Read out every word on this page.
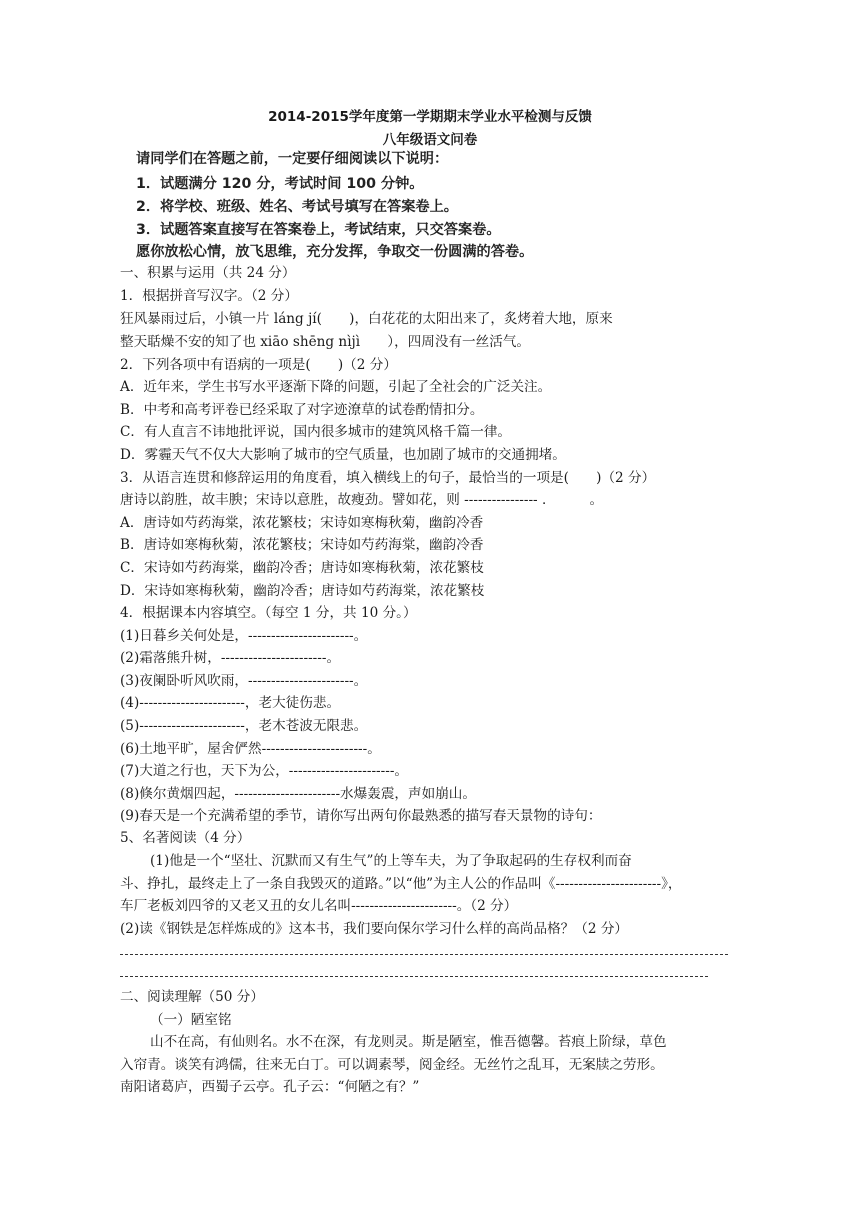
2014-2015学年度第一学期期末学业水平检测与反馈
八年级语文问卷
请同学们在答题之前，一定要仔细阅读以下说明：
1．试题满分 120 分，考试时间 100 分钟。
2．将学校、班级、姓名、考试号填写在答案卷上。
3．试题答案直接写在答案卷上，考试结束，只交答案卷。
愿你放松心情，放飞思维，充分发挥，争取交一份圆满的答卷。
一、积累与运用（共 24 分）
1．根据拼音写汉字。（2 分）
狂风暴雨过后，小镇一片 láng jí(　　)，白花花的太阳出来了，炙烤着大地，原来
整天聒燥不安的知了也 xiāo shēng nìjì　　），四周没有一丝活气。
2．下列各项中有语病的一项是(　　)（2 分）
A．近年来，学生书写水平逐渐下降的问题，引起了全社会的广泛关注。
B．中考和高考评卷已经采取了对字迹潦草的试卷酌情扣分。
C．有人直言不讳地批评说，国内很多城市的建筑风格千篇一律。
D．雾霾天气不仅大大影响了城市的空气质量，也加剧了城市的交通拥堵。
3．从语言连贯和修辞运用的角度看，填入横线上的句子，最恰当的一项是(　　)（2 分）
唐诗以韵胜，故丰腴；宋诗以意胜，故瘦劲。譬如花，则 ---------------- ．　　　。
A．唐诗如芍药海棠，浓花繁枝；宋诗如寒梅秋菊，幽韵冷香
B．唐诗如寒梅秋菊，浓花繁枝；宋诗如芍药海棠，幽韵冷香
C．宋诗如芍药海棠，幽韵冷香；唐诗如寒梅秋菊，浓花繁枝
D．宋诗如寒梅秋菊，幽韵冷香；唐诗如芍药海棠，浓花繁枝
4．根据课本内容填空。（每空 1 分，共 10 分。）
(1)日暮乡关何处是，-----------------------。
(2)霜落熊升树，-----------------------。
(3)夜阑卧听风吹雨，-----------------------。
(4)-----------------------，老大徒伤悲。
(5)-----------------------，老木苍波无限悲。
(6)土地平旷，屋舍俨然-----------------------。
(7)大道之行也，天下为公，-----------------------。
(8)倏尔黄烟四起，-----------------------水爆轰震，声如崩山。
(9)春天是一个充满希望的季节，请你写出两句你最熟悉的描写春天景物的诗句：
5、名著阅读（4 分）
(1)他是一个“坚壮、沉默而又有生气”的上等车夫，为了争取起码的生存权利而奋
斗、挣扎，最终走上了一条自我毁灭的道路。”以“他”为主人公的作品叫《-----------------------》，
车厂老板刘四爷的又老又丑的女儿名叫-----------------------。（2 分）
(2)读《钢铁是怎样炼成的》这本书，我们要向保尔学习什么样的高尚品格？（2 分）
二、阅读理解（50 分）
（一）陋室铭
山不在高，有仙则名。水不在深，有龙则灵。斯是陋室，惟吾德馨。苔痕上阶绿，草色
入帘青。谈笑有鸿儒，往来无白丁。可以调素琴，阅金经。无丝竹之乱耳，无案牍之劳形。
南阳诸葛庐，西蜀子云亭。孔子云：“何陋之有？”
